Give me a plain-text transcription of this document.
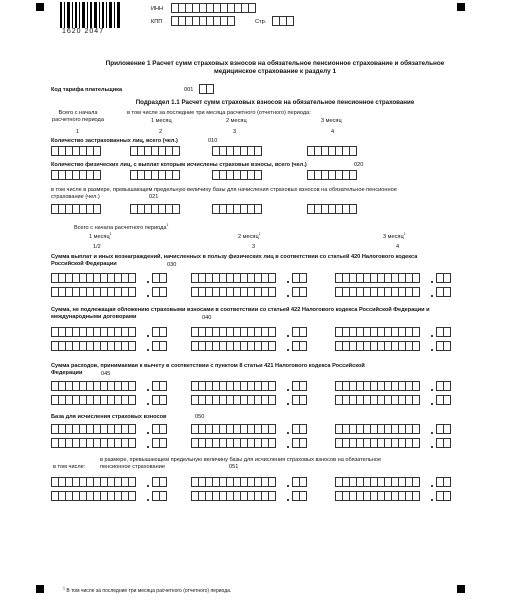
1620 2047
ИНН
КПП	Стр.
Приложение 1 Расчет сумм страховых взносов на обязательное пенсионное страхование и обязательное медицинское страхование к разделу 1
Код тарифа плательщика	001
Подраздел 1.1 Расчет сумм страховых взносов на обязательное пенсионное страхование
Всего с начала расчетного периода
в том числе за последние три месяца расчетного (отчетного) периода:
1 месяц	2 месяц	3 месяц
1	2	3	4
Количество застрахованных лиц, всего (чел.)	010
Количество физических лиц, с выплат которым исчислены страховые взносы, всего (чел.)	020
в том числе в размере, превышающем предельную величину базы для начисления страховых взносов на обязательное пенсионное страхование (чел.)	021
Всего с начала расчетного периода$^1$
1 месяц$^1$	2 месяц$^1$	3 месяц$^1$
1/2	3	4
Сумма выплат и иных вознаграждений, начисленных в пользу физических лиц в соответствии со статьей 420 Налогового кодекса Российской Федерации	030
Сумма, не подлежащая обложению страховыми взносами в соответствии со статьей 422 Налогового кодекса Российской Федерации и международными договорами	040
Сумма расходов, принимаемая к вычету в соответствии с пунктом 8 статьи 421 Налогового кодекса Российской Федерации	045
База для исчисления страховых взносов	050
в том числе:
в размере, превышающем предельную величину базы для исчисления страховых взносов на обязательное пенсионное страхование	051
$^1$ В том числе за последние три месяца расчетного (отчетного) периода.
